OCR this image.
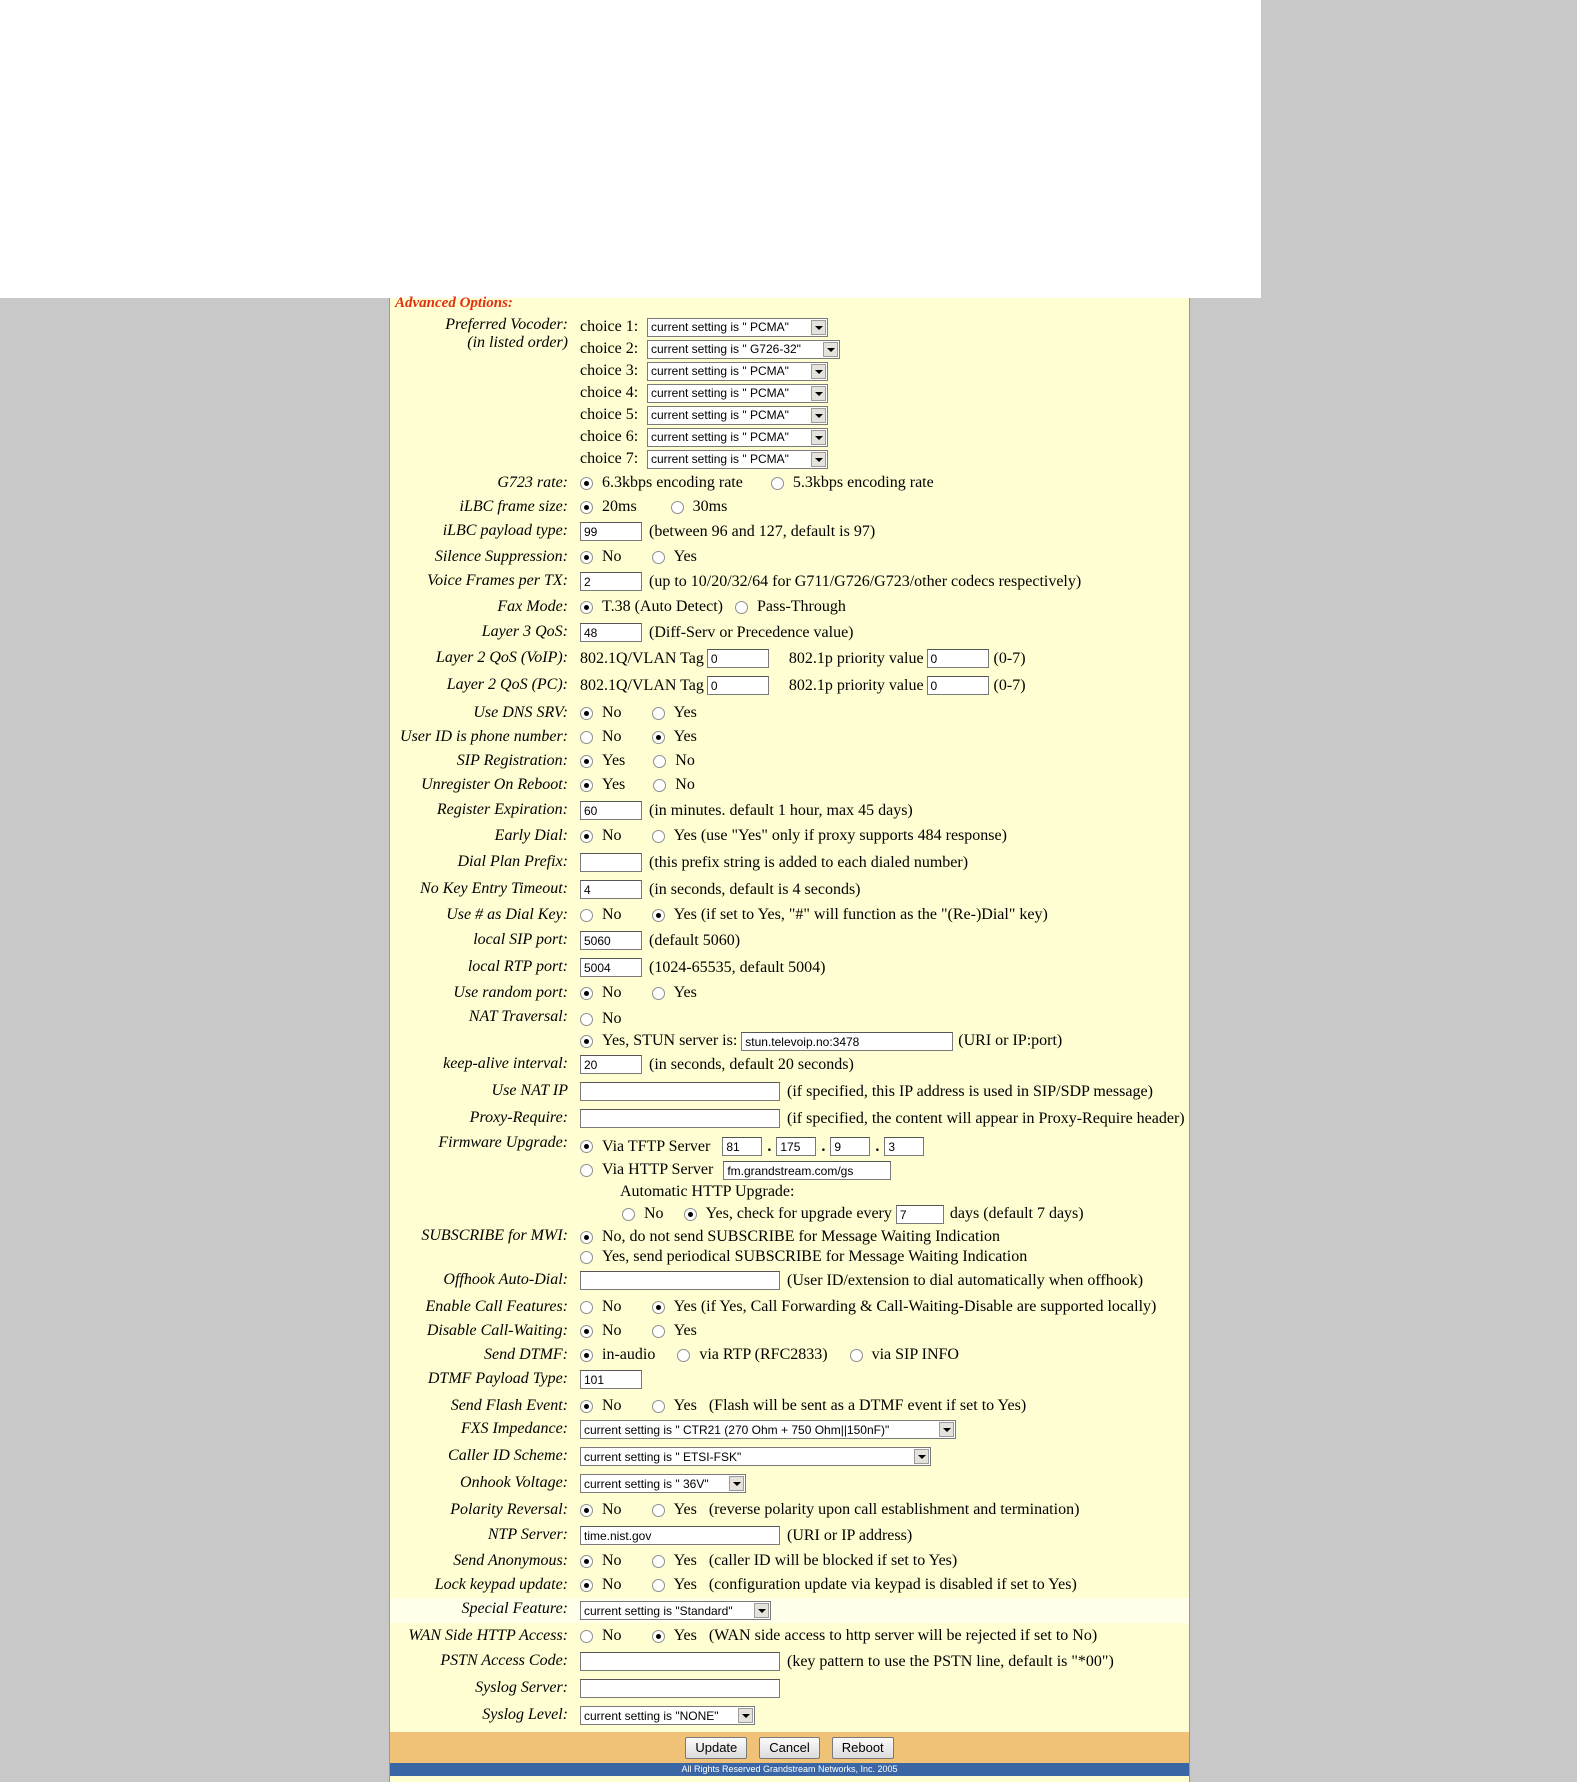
Advanced Options:
Preferred Vocoder:
(in listed order)
choice 1:	current setting is " PCMA"
choice 2:	current setting is " G726-32"
choice 3:	current setting is " PCMA"
choice 4:	current setting is " PCMA"
choice 5:	current setting is " PCMA"
choice 6:	current setting is " PCMA"
choice 7:	current setting is " PCMA"
G723 rate: 6.3kbps encoding rate	5.3kbps encoding rate
iLBC frame size: 20ms	30ms
iLBC payload type:	99	(between 96 and 127, default is 97)
Silence Suppression: No	Yes
Voice Frames per TX:	2	(up to 10/20/32/64 for G711/G726/G723/other codecs respectively)
Fax Mode: T.38 (Auto Detect) Pass-Through
Layer 3 QoS:	48	(Diff-Serv or Precedence value)
Layer 2 QoS (VoIP): 802.1Q/VLAN Tag 0	802.1p priority value 0	(0-7)
Layer 2 QoS (PC): 802.1Q/VLAN Tag 0	802.1p priority value 0	(0-7)
Use DNS SRV: No	Yes
User ID is phone number: No	Yes
SIP Registration: Yes	No
Unregister On Reboot: Yes	No
Register Expiration:	60	(in minutes. default 1 hour, max 45 days)
Early Dial: No	Yes (use "Yes" only if proxy supports 484 response)
Dial Plan Prefix:	(this prefix string is added to each dialed number)
No Key Entry Timeout:	4	(in seconds, default is 4 seconds)
Use # as Dial Key: No	Yes (if set to Yes, "#" will function as the "(Re-)Dial" key)
local SIP port:	5060	(default 5060)
local RTP port:	5004	(1024-65535, default 5004)
Use random port: No	Yes
NAT Traversal: No
Yes, STUN server is: stun.televoip.no:3478	(URI or IP:port)
keep-alive interval:	20	(in seconds, default 20 seconds)
Use NAT IP	(if specified, this IP address is used in SIP/SDP message)
Proxy-Require:	(if specified, the content will appear in Proxy-Require header)
Firmware Upgrade: Via TFTP Server	81	. 175	. 9	. 3
Via HTTP Server	fm.grandstream.com/gs
Automatic HTTP Upgrade:
No	Yes, check for upgrade every 7	days (default 7 days)
SUBSCRIBE for MWI: No, do not send SUBSCRIBE for Message Waiting Indication
Yes, send periodical SUBSCRIBE for Message Waiting Indication
Offhook Auto-Dial:	(User ID/extension to dial automatically when offhook)
Enable Call Features: No	Yes (if Yes, Call Forwarding & Call-Waiting-Disable are supported locally)
Disable Call-Waiting: No	Yes
Send DTMF: in-audio	via RTP (RFC2833)	via SIP INFO
DTMF Payload Type:	101
Send Flash Event: No	Yes (Flash will be sent as a DTMF event if set to Yes)
FXS Impedance: current setting is " CTR21 (270 Ohm + 750 Ohm||150nF)"
Caller ID Scheme: current setting is " ETSI-FSK"
Onhook Voltage: current setting is " 36V"
Polarity Reversal: No	Yes (reverse polarity upon call establishment and termination)
NTP Server:	time.nist.gov	(URI or IP address)
Send Anonymous: No	Yes (caller ID will be blocked if set to Yes)
Lock keypad update: No	Yes (configuration update via keypad is disabled if set to Yes)
Special Feature: current setting is "Standard"
WAN Side HTTP Access: No	Yes (WAN side access to http server will be rejected if set to No)
PSTN Access Code:	(key pattern to use the PSTN line, default is "*00")
Syslog Server:
Syslog Level: current setting is "NONE"
Update	Cancel	Reboot
All Rights Reserved Grandstream Networks, Inc. 2005
